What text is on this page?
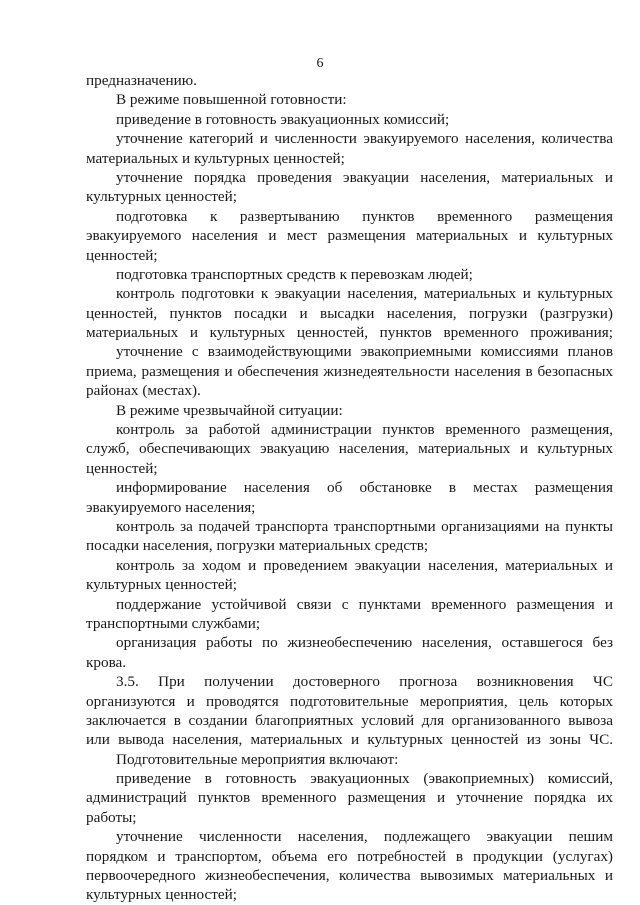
6
предназначению.
В режиме повышенной готовности:
приведение в готовность эвакуационных комиссий;
уточнение категорий и численности эвакуируемого населения, количества
материальных и культурных ценностей;
уточнение порядка проведения эвакуации населения, материальных и
культурных ценностей;
подготовка к развертыванию пунктов временного размещения
эвакуируемого населения и мест размещения материальных и культурных
ценностей;
подготовка транспортных средств к перевозкам людей;
контроль подготовки к эвакуации населения, материальных и культурных
ценностей, пунктов посадки и высадки населения, погрузки (разгрузки)
материальных и культурных ценностей, пунктов временного проживания;
уточнение с взаимодействующими эвакоприемными комиссиями планов
приема, размещения и обеспечения жизнедеятельности населения в безопасных
районах (местах).
В режиме чрезвычайной ситуации:
контроль за работой администрации пунктов временного размещения,
служб, обеспечивающих эвакуацию населения, материальных и культурных
ценностей;
информирование населения об обстановке в местах размещения
эвакуируемого населения;
контроль за подачей транспорта транспортными организациями на пункты
посадки населения, погрузки материальных средств;
контроль за ходом и проведением эвакуации населения, материальных и
культурных ценностей;
поддержание устойчивой связи с пунктами временного размещения и
транспортными службами;
организация работы по жизнеобеспечению населения, оставшегося без
крова.
3.5. При получении достоверного прогноза возникновения ЧС
организуются и проводятся подготовительные мероприятия, цель которых
заключается в создании благоприятных условий для организованного вывоза
или вывода населения, материальных и культурных ценностей из зоны ЧС.
Подготовительные мероприятия включают:
приведение в готовность эвакуационных (эвакоприемных) комиссий,
администраций пунктов временного размещения и уточнение порядка их
работы;
уточнение численности населения, подлежащего эвакуации пешим
порядком и транспортом, объема его потребностей в продукции (услугах)
первоочередного жизнеобеспечения, количества вывозимых материальных и
культурных ценностей;
